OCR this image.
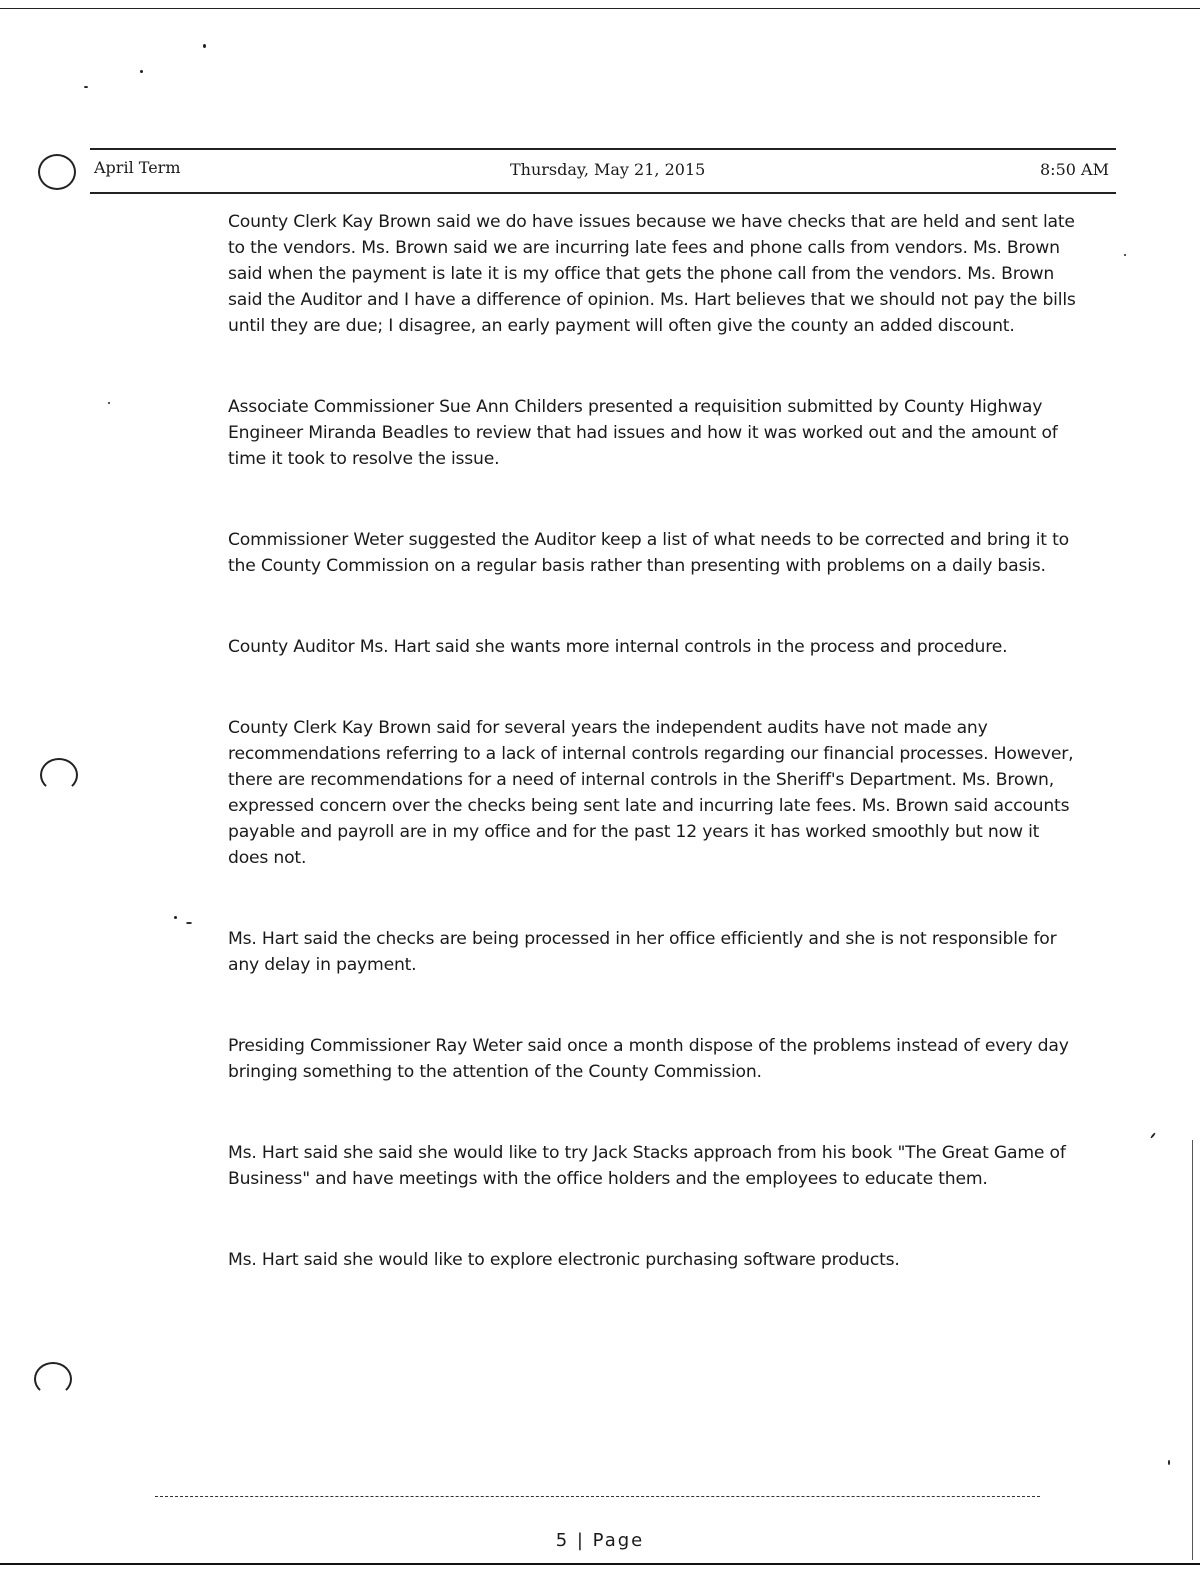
April Term	Thursday, May 21, 2015	8:50 AM

County Clerk Kay Brown said we do have issues because we have checks that are held and sent late to the vendors. Ms. Brown said we are incurring late fees and phone calls from vendors. Ms. Brown said when the payment is late it is my office that gets the phone call from the vendors. Ms. Brown said the Auditor and I have a difference of opinion. Ms. Hart believes that we should not pay the bills until they are due; I disagree, an early payment will often give the county an added discount.

Associate Commissioner Sue Ann Childers presented a requisition submitted by County Highway Engineer Miranda Beadles to review that had issues and how it was worked out and the amount of time it took to resolve the issue.

Commissioner Weter suggested the Auditor keep a list of what needs to be corrected and bring it to the County Commission on a regular basis rather than presenting with problems on a daily basis.

County Auditor Ms. Hart said she wants more internal controls in the process and procedure.

County Clerk Kay Brown said for several years the independent audits have not made any recommendations referring to a lack of internal controls regarding our financial processes. However, there are recommendations for a need of internal controls in the Sheriff's Department. Ms. Brown, expressed concern over the checks being sent late and incurring late fees. Ms. Brown said accounts payable and payroll are in my office and for the past 12 years it has worked smoothly but now it does not.

Ms. Hart said the checks are being processed in her office efficiently and she is not responsible for any delay in payment.

Presiding Commissioner Ray Weter said once a month dispose of the problems instead of every day bringing something to the attention of the County Commission.

Ms. Hart said she said she would like to try Jack Stacks approach from his book "The Great Game of Business" and have meetings with the office holders and the employees to educate them.

Ms. Hart said she would like to explore electronic purchasing software products.

5 | Page
